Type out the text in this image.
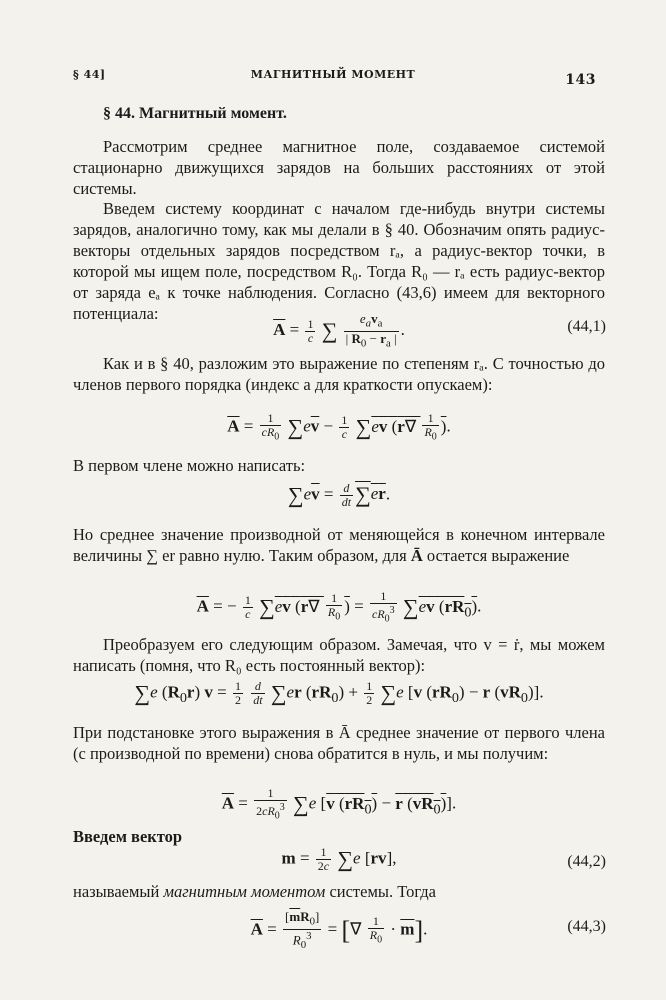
§ 44]	МАГНИТНЫЙ МОМЕНТ	143

§ 44. Магнитный момент.

Рассмотрим среднее магнитное поле, создаваемое системой стационарно движущихся зарядов на больших расстояниях от этой системы.

Введем систему координат с началом где-нибудь внутри системы зарядов, аналогично тому, как мы делали в § 40. Обозначим опять радиус-векторы отдельных зарядов посредством rₐ, а радиус-вектор точки, в которой мы ищем поле, посредством R₀. Тогда R₀ — rₐ есть радиус-вектор от заряда eₐ к точке наблюдения. Согласно (43,6) имеем для векторного потенциала:

$\overline{A} = \frac{1}{c}$ ∑ $\frac{e_av_a}{| R_0 - r_a |}$ .	(44,1)

Как и в § 40, разложим это выражение по степеням rₐ. С точностью до членов первого порядка (индекс a для краткости опускаем):

$\overline{A} = \frac{1}{cR_0} \sum e\overline{v} - \frac{1}{c} \sum ev$ ($r\nabla \frac{1}{R_0}$ ).

В первом члене можно написать:

$\sum e\overline{v} = \frac{d}{dt} \sum er$.

Но среднее значение производной от меняющейся в конечном интервале величины ∑ er равно нулю. Таким образом, для Ā остается выражение

$\overline{A}$ = − $\frac{1}{c} \sum ev$ ($r\nabla \frac{1}{R_0}$ ) = $\frac{1}{cR_0^3} \sum ev$ $(rR_0)$.

Преобразуем его следующим образом. Замечая, что v = ṙ, мы можем написать (помня, что R₀ есть постоянный вектор):

∑e $(R_0r) v = \frac{1}{2}$
$\frac{d}{dt} \sum er$ $(rR_0) + \frac{1}{2} \sum e$ [v $(rR_0) - r$ $(vR_0)$].

При подстановке этого выражения в Ā среднее значение от первого члена (с производной по времени) снова обратится в нуль, и мы получим:

$\overline{A} = \frac{1}{2cR_0^3} \sum e$ [v $(rR_0) - r$ $(vR_0)$].

Введем вектор

$m = \frac{1}{2c} \sum e$ [rv],	(44,2)

называемый магнитным моментом системы. Тогда

$\overline{A} = \frac{[\overline{m}R_0]}{R_0^3}$ = [∇ $\frac{1}{R_0} \cdot \overline{m}$].	(44,3)
